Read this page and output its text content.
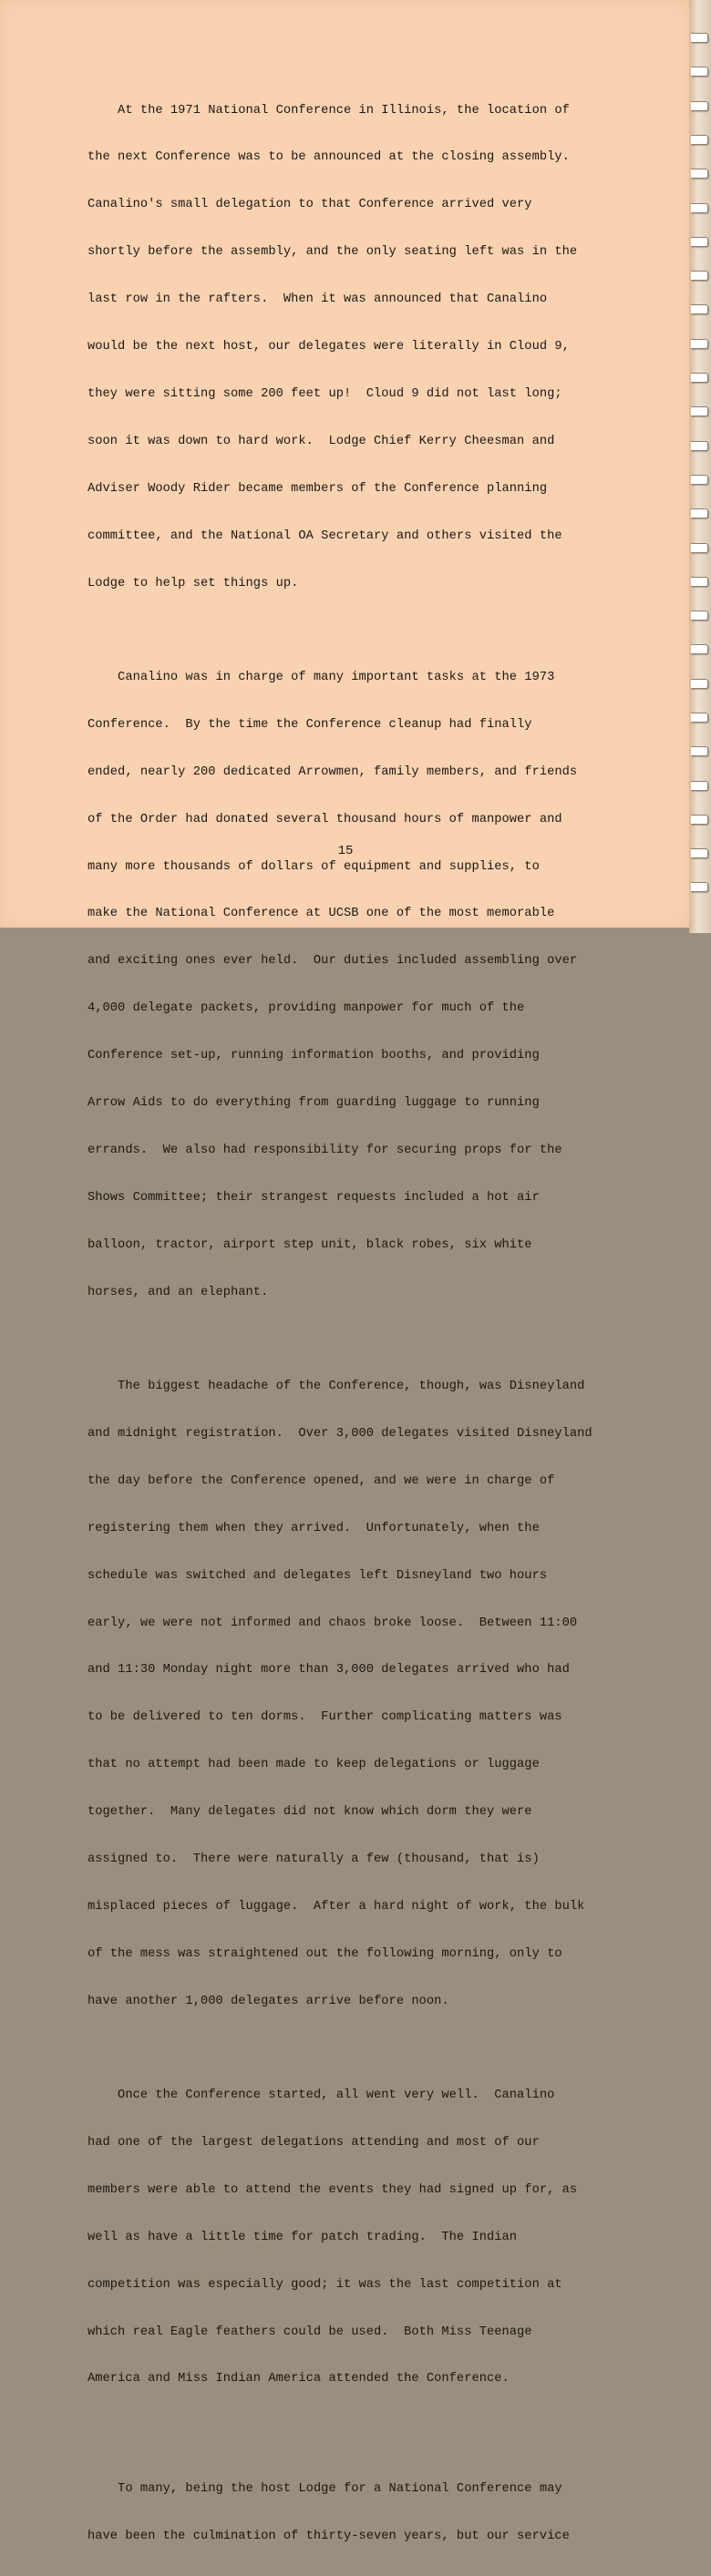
At the 1971 National Conference in Illinois, the location of

the next Conference was to be announced at the closing assembly.

Canalino's small delegation to that Conference arrived very

shortly before the assembly, and the only seating left was in the

last row in the rafters.  When it was announced that Canalino

would be the next host, our delegates were literally in Cloud 9,

they were sitting some 200 feet up!  Cloud 9 did not last long;

soon it was down to hard work.  Lodge Chief Kerry Cheesman and

Adviser Woody Rider became members of the Conference planning

committee, and the National OA Secretary and others visited the

Lodge to help set things up.

Canalino was in charge of many important tasks at the 1973

Conference.  By the time the Conference cleanup had finally

ended, nearly 200 dedicated Arrowmen, family members, and friends

of the Order had donated several thousand hours of manpower and

many more thousands of dollars of equipment and supplies, to

make the National Conference at UCSB one of the most memorable

and exciting ones ever held.  Our duties included assembling over

4,000 delegate packets, providing manpower for much of the

Conference set-up, running information booths, and providing

Arrow Aids to do everything from guarding luggage to running

errands.  We also had responsibility for securing props for the

Shows Committee; their strangest requests included a hot air

balloon, tractor, airport step unit, black robes, six white

horses, and an elephant.

The biggest headache of the Conference, though, was Disneyland

and midnight registration.  Over 3,000 delegates visited Disneyland

the day before the Conference opened, and we were in charge of

registering them when they arrived.  Unfortunately, when the

schedule was switched and delegates left Disneyland two hours

early, we were not informed and chaos broke loose.  Between 11:00

and 11:30 Monday night more than 3,000 delegates arrived who had

to be delivered to ten dorms.  Further complicating matters was

that no attempt had been made to keep delegations or luggage

together.  Many delegates did not know which dorm they were

assigned to.  There were naturally a few (thousand, that is)

misplaced pieces of luggage.  After a hard night of work, the bulk

of the mess was straightened out the following morning, only to

have another 1,000 delegates arrive before noon.

Once the Conference started, all went very well.  Canalino

had one of the largest delegations attending and most of our

members were able to attend the events they had signed up for, as

well as have a little time for patch trading.  The Indian

competition was especially good; it was the last competition at

which real Eagle feathers could be used.  Both Miss Teenage

America and Miss Indian America attended the Conference.

To many, being the host Lodge for a National Conference may

have been the culmination of thirty-seven years, but our service

15
